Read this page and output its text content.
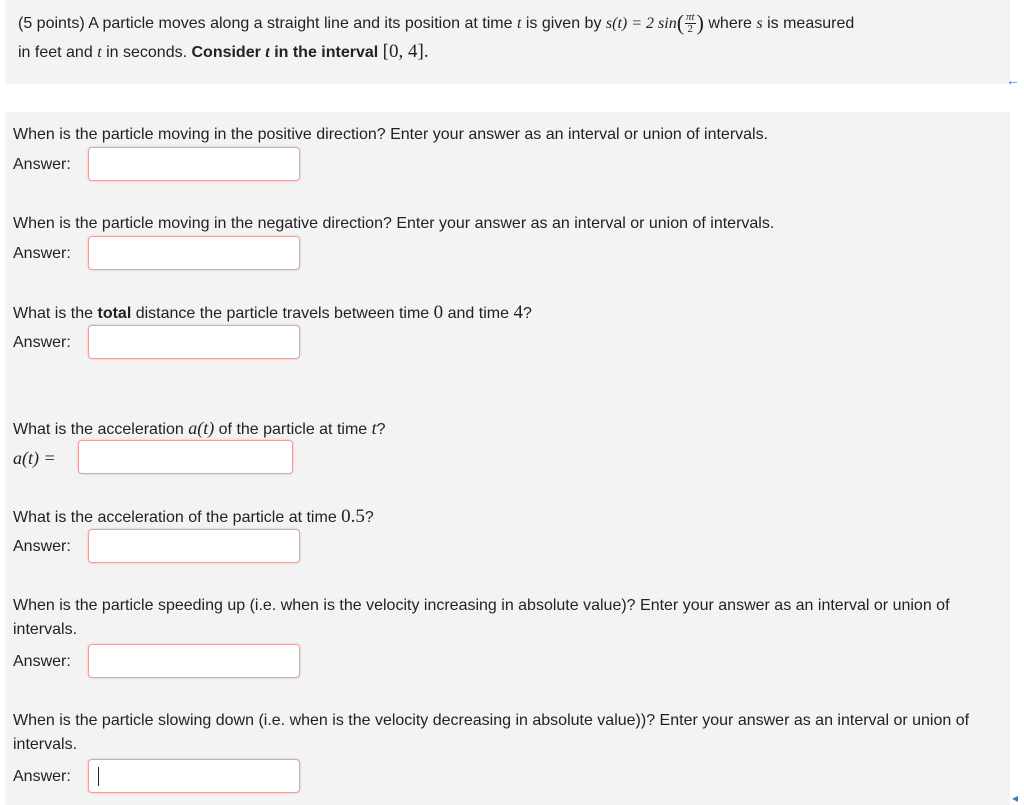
(5 points) A particle moves along a straight line and its position at time t is given by s(t) = 2 $\sin( \frac{\pi t}{2}$ ) where s is measured
in feet and t in seconds. Consider t in the interval [0, 4].
←
When is the particle moving in the positive direction? Enter your answer as an interval or union of intervals.
Answer:
When is the particle moving in the negative direction? Enter your answer as an interval or union of intervals.
Answer:
What is the total distance the particle travels between time 0 and time 4?
Answer:
What is the acceleration a(t) of the particle at time t?
a(t) =
What is the acceleration of the particle at time 0.5?
Answer:
When is the particle speeding up (i.e. when is the velocity increasing in absolute value)? Enter your answer as an interval or union of intervals.
Answer:
When is the particle slowing down (i.e. when is the velocity decreasing in absolute value))? Enter your answer as an interval or union of intervals.
Answer:
◂
